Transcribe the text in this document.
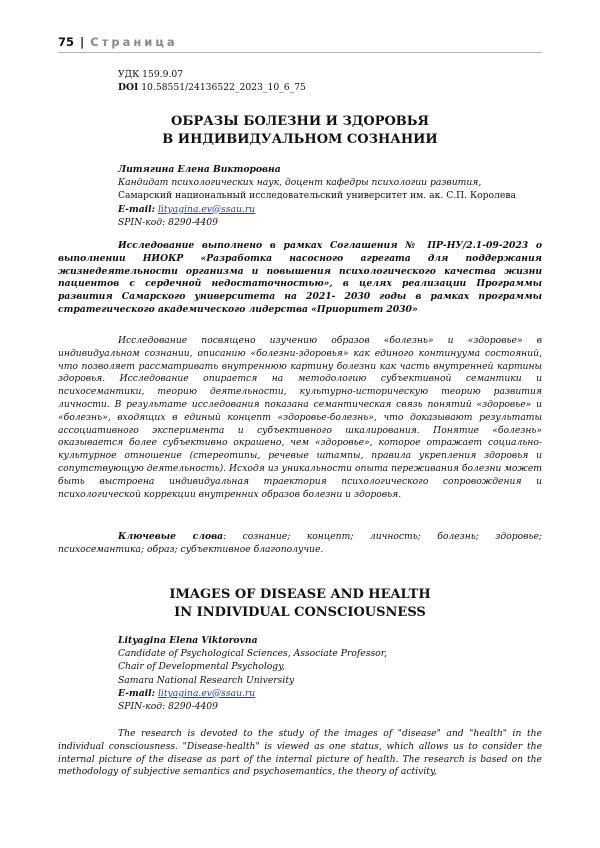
75 | Страница
УДК 159.9.07
DOI 10.58551/24136522_2023_10_6_75
ОБРАЗЫ БОЛЕЗНИ И ЗДОРОВЬЯ
В ИНДИВИДУАЛЬНОМ СОЗНАНИИ
Литягина Елена Викторовна
Кандидат психологических наук, доцент кафедры психологии развития,
Самарский национальный исследовательский университет им. ак. С.П. Королева
E-mail: lityagina.ev@ssau.ru
SPIN-код: 8290-4409

Исследование выполнено в рамках Соглашения № ПР-НУ/2.1-09-2023 о выполнении НИОКР «Разработка насосного агрегата для поддержания жизнедеятельности организма и повышения психологического качества жизни пациентов с сердечной недостаточностью», в целях реализации Программы развития Самарского университета на 2021- 2030 годы в рамках программы стратегического академического лидерства «Приоритет 2030»

Исследование посвящено изучению образов «болезнь» и «здоровье» в индивидуальном сознании, описанию «болезни-здоровья» как единого континуума состояний, что позволяет рассматривать внутреннюю картину болезни как часть внутренней картины здоровья. Исследование опирается на методологию субъективной семантики и психосемантики, теорию деятельности, культурно-историческую теорию развития личности. В результате исследования показана семантическая связь понятий «здоровье» и «болезнь», входящих в единый концепт «здоровье-болезнь», что доказывают результаты ассоциативного эксперимента и субъективного шкалирования. Понятие «болезнь» оказывается более субъективно окрашено, чем «здоровье», которое отражает социально-культурное отношение (стереотипы, речевые штампы, правила укрепления здоровья и сопутствующую деятельность). Исходя из уникальности опыта переживания болезни может быть выстроена индивидуальная траектория психологического сопровождения и психологической коррекции внутренних образов болезни и здоровья.

Ключевые слова: сознание; концепт; личность; болезнь; здоровье; психосемантика; образ; субъективное благополучие.

IMAGES OF DISEASE AND HEALTH
IN INDIVIDUAL CONSCIOUSNESS
Lityagina Elena Viktorovna
Candidate of Psychological Sciences, Associate Professor,
Chair of Developmental Psychology,
Samara National Research University
E-mail: lityagina.ev@ssau.ru
SPIN-код: 8290-4409

The research is devoted to the study of the images of "disease" and "health" in the individual consciousness. "Disease-health" is viewed as one status, which allows us to consider the internal picture of the disease as part of the internal picture of health. The research is based on the methodology of subjective semantics and psychosemantics, the theory of activity,
